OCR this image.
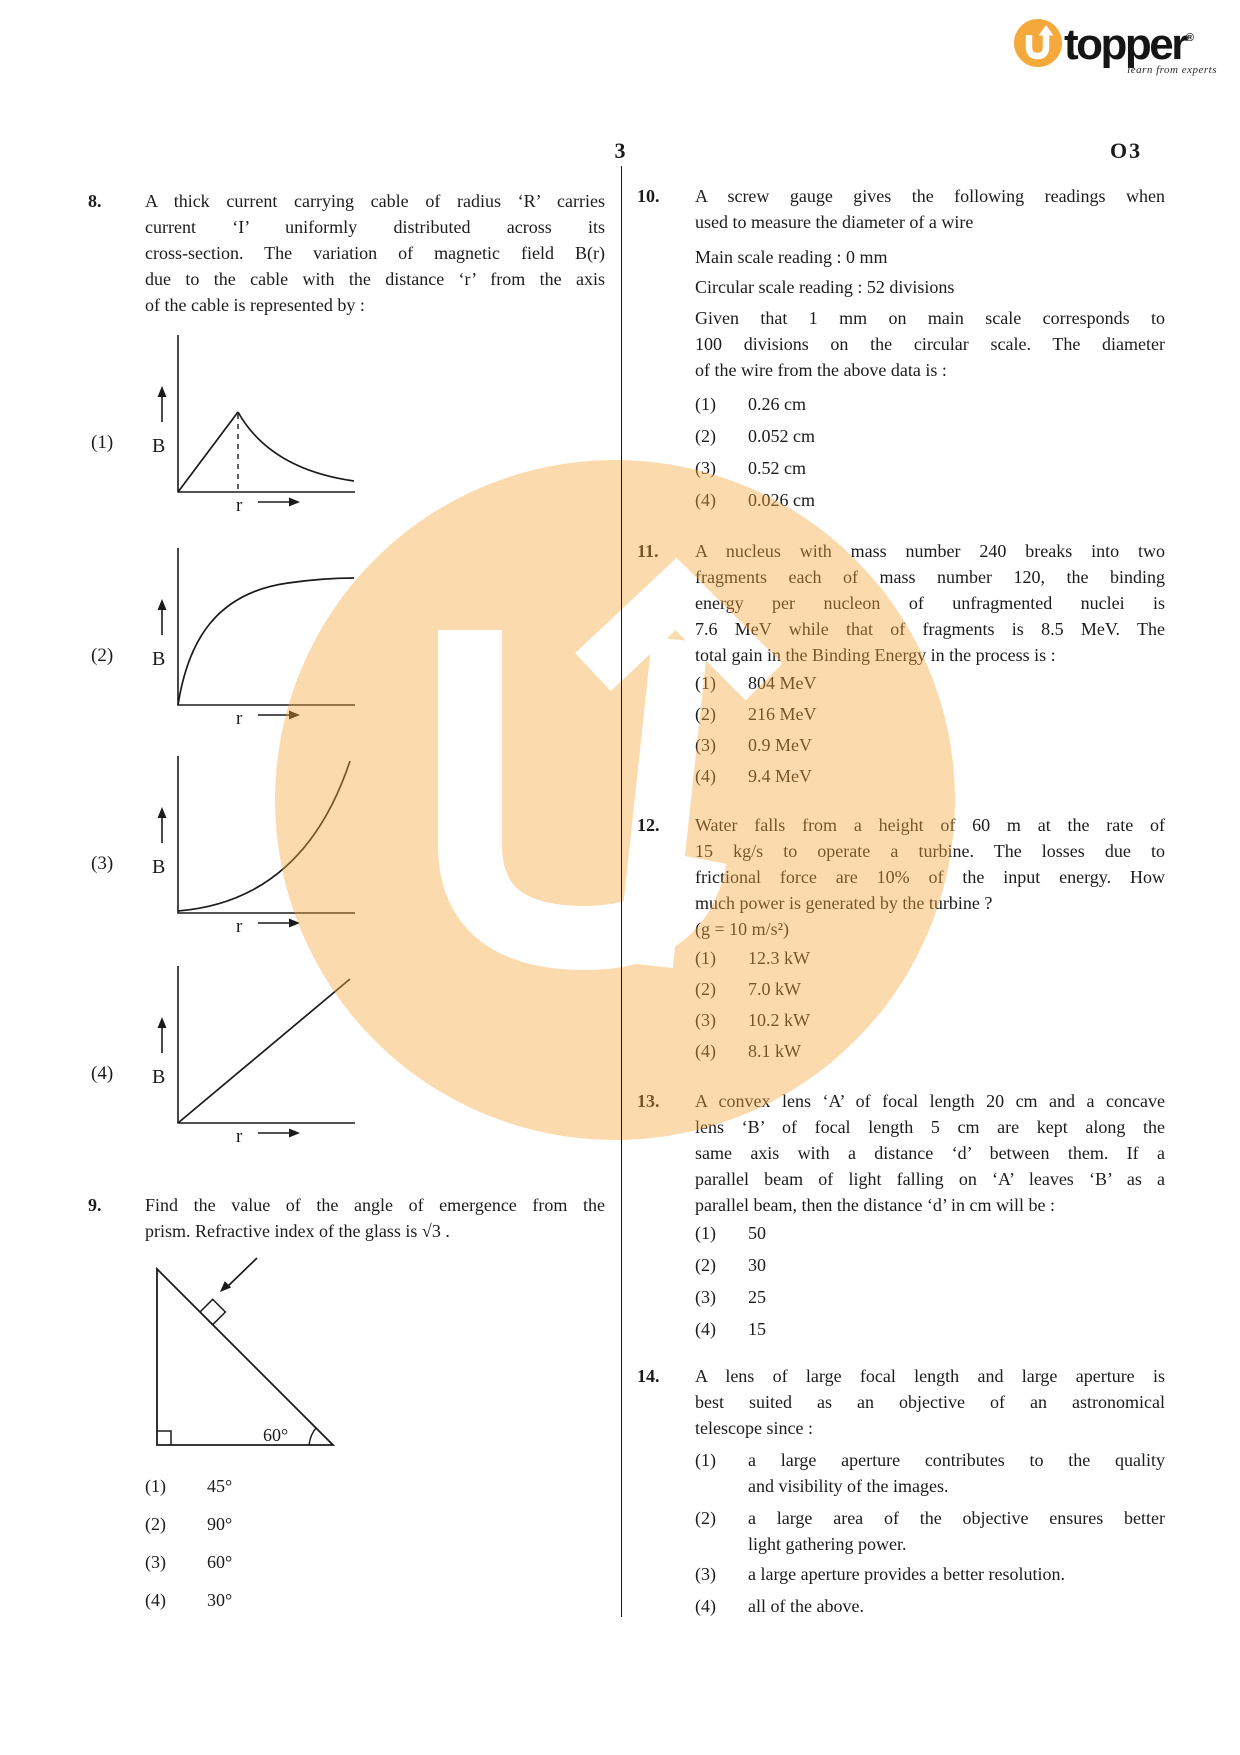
topper®
learn from experts
3	O3
8. A thick current carrying cable of radius ‘R’ carries
current ‘I’ uniformly distributed across its
cross-section. The variation of magnetic field B(r)
due to the cable with the distance ‘r’ from the axis
of the cable is represented by :
(1) B
r
(2) B
r
(3) B
r
(4) B
r
9. Find the value of the angle of emergence from the
prism. Refractive index of the glass is √3 .
60°
(1)	45°
(2)	90°
(3)	60°
(4)	30°
10. A screw gauge gives the following readings when
used to measure the diameter of a wire
Main scale reading : 0 mm
Circular scale reading : 52 divisions
Given that 1 mm on main scale corresponds to
100 divisions on the circular scale. The diameter
of the wire from the above data is :
(1)	0.26 cm
(2)	0.052 cm
(3)	0.52 cm
(4)	0.026 cm
11. A nucleus with mass number 240 breaks into two
fragments each of mass number 120, the binding
energy per nucleon of unfragmented nuclei is
7.6 MeV while that of fragments is 8.5 MeV. The
total gain in the Binding Energy in the process is :
(1)	804 MeV
(2)	216 MeV
(3)	0.9 MeV
(4)	9.4 MeV
12. Water falls from a height of 60 m at the rate of
15 kg/s to operate a turbine. The losses due to
frictional force are 10% of the input energy. How
much power is generated by the turbine ?
(g = 10 m/s²)
(1)	12.3 kW
(2)	7.0 kW
(3)	10.2 kW
(4)	8.1 kW
13. A convex lens ‘A’ of focal length 20 cm and a concave
lens ‘B’ of focal length 5 cm are kept along the
same axis with a distance ‘d’ between them. If a
parallel beam of light falling on ‘A’ leaves ‘B’ as a
parallel beam, then the distance ‘d’ in cm will be :
(1)	50
(2)	30
(3)	25
(4)	15
14. A lens of large focal length and large aperture is
best suited as an objective of an astronomical
telescope since :
(1)	a large aperture contributes to the quality
and visibility of the images.
(2)	a large area of the objective ensures better
light gathering power.
(3)	a large aperture provides a better resolution.
(4)	all of the above.
